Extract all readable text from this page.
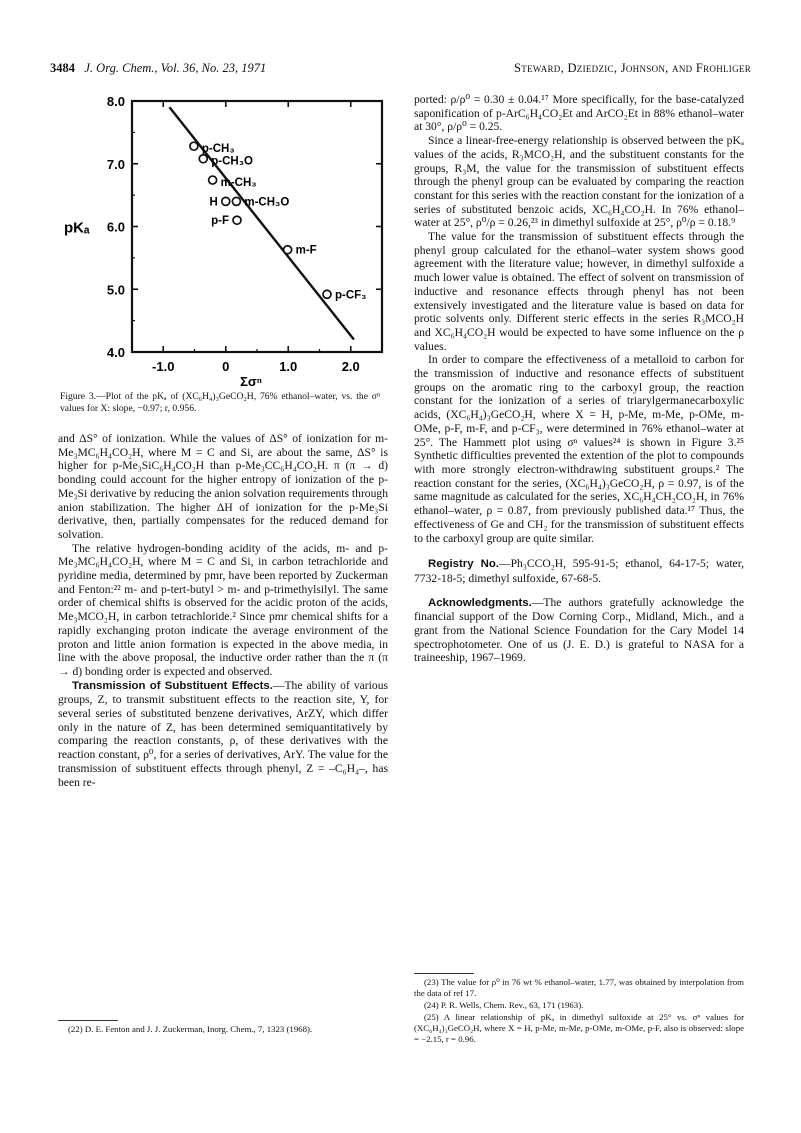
3484 J. Org. Chem., Vol. 36, No. 23, 1971	Steward, Dziedzic, Johnson, and Frohliger
-1.0	0	1.0	2.0
8.0
7.0
6.0
5.0
4.0
pKₐ
Σσⁿ
p-CH₃
p-CH₃O
m-CH₃
H m-CH₃O
p-F
m-F
p-CF₃
Figure 3.—Plot of the pKₐ of (XC₆H₄)₃GeCO₂H, 76% ethanol–water, vs. the σⁿ values for X: slope, −0.97; r, 0.956.

and ΔS° of ionization. While the values of ΔS° of ionization for m-Me₃MC₆H₄CO₂H, where M = C and Si, are about the same, ΔS° is higher for p-Me₃SiC₆H₄CO₂H than p-Me₃CC₆H₄CO₂H. π (π → d) bonding could account for the higher entropy of ionization of the p-Me₃Si derivative by reducing the anion solvation requirements through anion stabilization. The higher ΔH of ionization for the p-Me₃Si derivative, then, partially compensates for the reduced demand for solvation.

The relative hydrogen-bonding acidity of the acids, m- and p-Me₃MC₆H₄CO₂H, where M = C and Si, in carbon tetrachloride and pyridine media, determined by pmr, have been reported by Zuckerman and Fenton:²² m- and p-tert-butyl > m- and p-trimethylsilyl. The same order of chemical shifts is observed for the acidic proton of the acids, Me₃MCO₂H, in carbon tetrachloride.² Since pmr chemical shifts for a rapidly exchanging proton indicate the average environment of the proton and little anion formation is expected in the above media, in line with the above proposal, the inductive order rather than the π (π → d) bonding order is expected and observed.

Transmission of Substituent Effects.—The ability of various groups, Z, to transmit substituent effects to the reaction site, Y, for several series of substituted benzene derivatives, ArZY, which differ only in the nature of Z, has been determined semiquantitatively by comparing the reaction constants, ρ, of these derivatives with the reaction constant, ρ⁰, for a series of derivatives, ArY. The value for the transmission of substituent effects through phenyl, Z = –C₆H₄–, has been re-

(22) D. E. Fenton and J. J. Zuckerman, Inorg. Chem., 7, 1323 (1968).

ported: ρ/ρ⁰ = 0.30 ± 0.04.¹⁷ More specifically, for the base-catalyzed saponification of p-ArC₆H₄CO₂Et and ArCO₂Et in 88% ethanol–water at 30°, ρ/ρ⁰ = 0.25.

Since a linear-free-energy relationship is observed between the pKₐ values of the acids, R₃MCO₂H, and the substituent constants for the groups, R₃M, the value for the transmission of substituent effects through the phenyl group can be evaluated by comparing the reaction constant for this series with the reaction constant for the ionization of a series of substituted benzoic acids, XC₆H₄CO₂H. In 76% ethanol–water at 25°, ρ⁰/ρ = 0.26,²³ in dimethyl sulfoxide at 25°, ρ⁰/ρ = 0.18.⁹

The value for the transmission of substituent effects through the phenyl group calculated for the ethanol–water system shows good agreement with the literature value; however, in dimethyl sulfoxide a much lower value is obtained. The effect of solvent on transmission of inductive and resonance effects through phenyl has not been extensively investigated and the literature value is based on data for protic solvents only. Different steric effects in the series R₃MCO₂H and XC₆H₄CO₂H would be expected to have some influence on the ρ values.

In order to compare the effectiveness of a metalloid to carbon for the transmission of inductive and resonance effects of substituent groups on the aromatic ring to the carboxyl group, the reaction constant for the ionization of a series of triarylgermanecarboxylic acids, (XC₆H₄)₃GeCO₂H, where X = H, p-Me, m-Me, p-OMe, m-OMe, p-F, m-F, and p-CF₃, were determined in 76% ethanol–water at 25°. The Hammett plot using σⁿ values²⁴ is shown in Figure 3.²⁵ Synthetic difficulties prevented the extention of the plot to compounds with more strongly electron-withdrawing substituent groups.² The reaction constant for the series, (XC₆H₄)₃GeCO₂H, ρ = 0.97, is of the same magnitude as calculated for the series, XC₆H₄CH₂CO₂H, in 76% ethanol–water, ρ = 0.87, from previously published data.¹⁷ Thus, the effectiveness of Ge and CH₂ for the transmission of substituent effects to the carboxyl group are quite similar.

Registry No.—Ph₃CCO₂H, 595-91-5; ethanol, 64-17-5; water, 7732-18-5; dimethyl sulfoxide, 67-68-5.

Acknowledgments.—The authors gratefully acknowledge the financial support of the Dow Corning Corp., Midland, Mich., and a grant from the National Science Foundation for the Cary Model 14 spectrophotometer. One of us (J. E. D.) is grateful to NASA for a traineeship, 1967–1969.

(23) The value for ρ⁰ in 76 wt % ethanol–water, 1.77, was obtained by interpolation from the data of ref 17.

(24) P. R. Wells, Chem. Rev., 63, 171 (1963).

(25) A linear relationship of pKₐ in dimethyl sulfoxide at 25° vs. σⁿ values for (XC₆H₄)₃GeCO₂H, where X = H, p-Me, m-Me, p-OMe, m-OMe, p-F, also is observed: slope = −2.15, r = 0.96.
